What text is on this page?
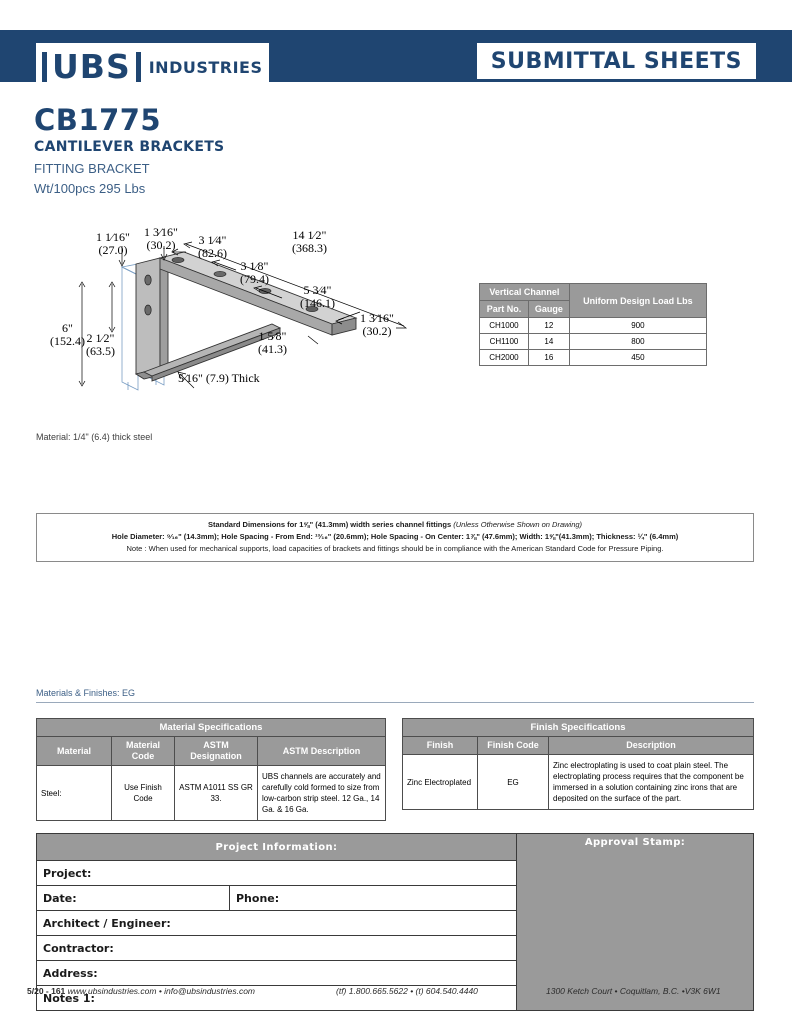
UBS	INDUSTRIES	SUBMITTAL SHEETS
CB1775
CANTILEVER BRACKETS
FITTING BRACKET
Wt/100pcs 295 Lbs
1 1⁄16"
(27.0)
1 3⁄16"
(30.2) 3 1⁄4"
(82.6)
14 1⁄2"
(368.3)
3 1⁄8"
(79.4)
5 3⁄4"
(146.1)
1 3⁄16"
(30.2)
6"
(152.4) 2 1⁄2"
(63.5)
1 5⁄8"
(41.3)
5⁄16" (7.9) Thick
Vertical Channel		Uniform Design Load Lbs
Part No.	Gauge	
CH1000	12	900
CH1100	14	800
CH2000	16	450
Material: 1/4" (6.4) thick steel
Standard Dimensions for 1⅝" (41.3mm) width series channel fittings (Unless Otherwise Shown on Drawing)
Hole Diameter: ⁹⁄₁₆" (14.3mm); Hole Spacing - From End: ¹³⁄₁₆" (20.6mm); Hole Spacing - On Center: 1⅞" (47.6mm); Width: 1⅝"(41.3mm); Thickness: ¼" (6.4mm)
Note : When used for mechanical supports, load capacities of brackets and fittings should be in compliance with the American Standard Code for Pressure Piping.
Materials & Finishes: EG
Material Specifications			
Material	Material Code	ASTM Designation	ASTM Description
Steel:	Use Finish Code	ASTM A1011 SS GR 33.	UBS channels are accurately and carefully cold formed to size from low-carbon strip steel. 12 Ga., 14 Ga. & 16 Ga.
Finish Specifications		
Finish	Finish Code	Description
Zinc Electroplated	EG	Zinc electroplating is used to coat plain steel. The electroplating process requires that the component be immersed in a solution containing zinc irons that are deposited on the surface of the part.
Project Information:		Approval Stamp:

Project:		
Date:	Phone:	
Architect / Engineer:		
Contractor:		
Address:		
Notes 1:		
5/20 - 161 www.ubsindustries.com • info@ubsindustries.com	(tf) 1.800.665.5622 • (t) 604.540.4440	1300 Ketch Court • Coquitlam, B.C. •V3K 6W1
